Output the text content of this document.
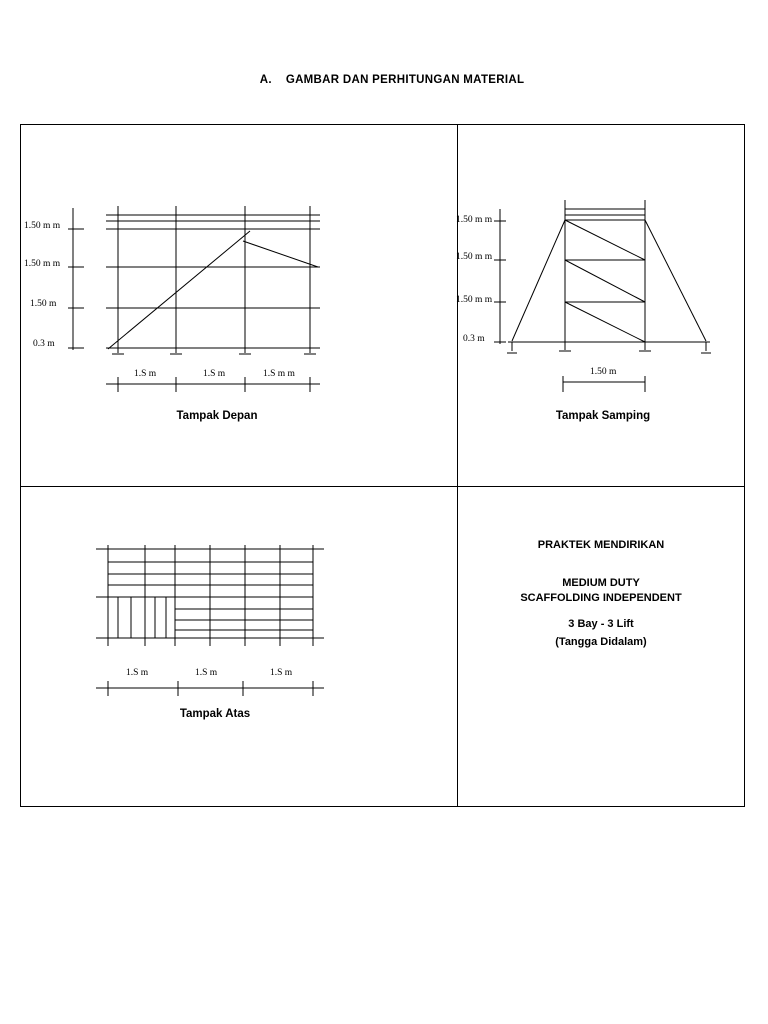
A. GAMBAR DAN PERHITUNGAN MATERIAL
1.50 m m
1.50 m m
1.50 m
0.3 m
1.S m	1.S m	1.S m m
Tampak Depan
1.50 m m
1.50 m m
1.50 m m
0.3 m
1.50 m
Tampak Samping
1.S m	1.S m	1.S m
Tampak Atas
PRAKTEK MENDIRIKAN
MEDIUM DUTY
SCAFFOLDING INDEPENDENT
3 Bay - 3 Lift
(Tangga Didalam)
